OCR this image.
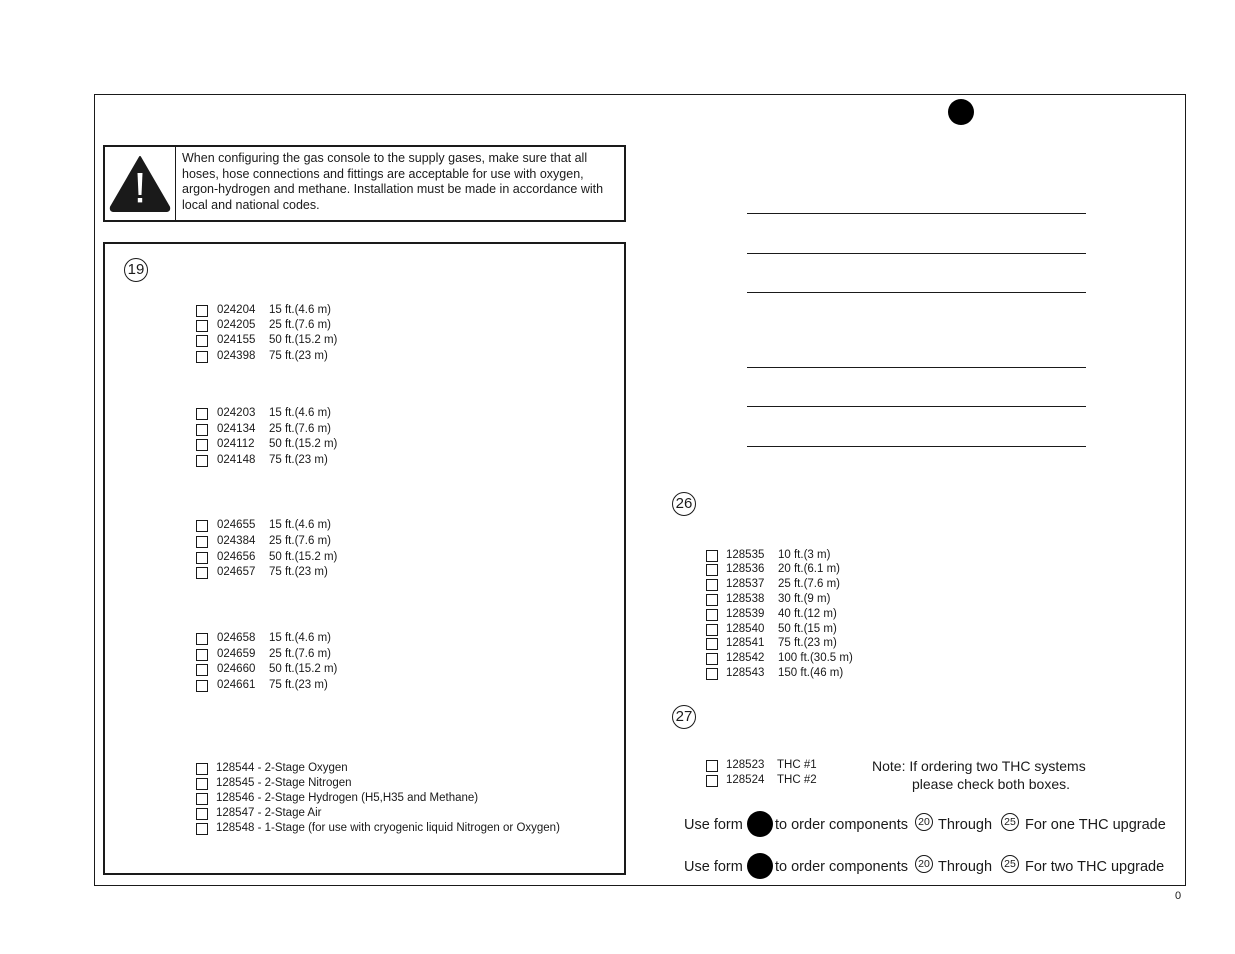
When configuring the gas console to the supply gases, make sure that all hoses, hose connections and fittings are acceptable for use with oxygen, argon-hydrogen and methane. Installation must be made in accordance with local and national codes.
19
024204 15 ft.(4.6 m)
024205 25 ft.(7.6 m)
024155 50 ft.(15.2 m)
024398 75 ft.(23 m)
024203 15 ft.(4.6 m)
024134 25 ft.(7.6 m)
024112 50 ft.(15.2 m)
024148 75 ft.(23 m)
024655 15 ft.(4.6 m)
024384 25 ft.(7.6 m)
024656 50 ft.(15.2 m)
024657 75 ft.(23 m)
024658 15 ft.(4.6 m)
024659 25 ft.(7.6 m)
024660 50 ft.(15.2 m)
024661 75 ft.(23 m)
128544 - 2-Stage Oxygen
128545 - 2-Stage Nitrogen
128546 - 2-Stage Hydrogen (H5,H35 and Methane)
128547 - 2-Stage Air
128548 - 1-Stage (for use with cryogenic liquid Nitrogen or Oxygen)
26
128535 10 ft.(3 m)
128536 20 ft.(6.1 m)
128537 25 ft.(7.6 m)
128538 30 ft.(9 m)
128539 40 ft.(12 m)
128540 50 ft.(15 m)
128541 75 ft.(23 m)
128542 100 ft.(30.5 m)
128543 150 ft.(46 m)
27
128523 THC #1
128524 THC #2
Note: If ordering two THC systems
please check both boxes.
Use form to order components 20 Through	25 For one THC upgrade
Use form to order components 20 Through	25 For two THC upgrade
0
